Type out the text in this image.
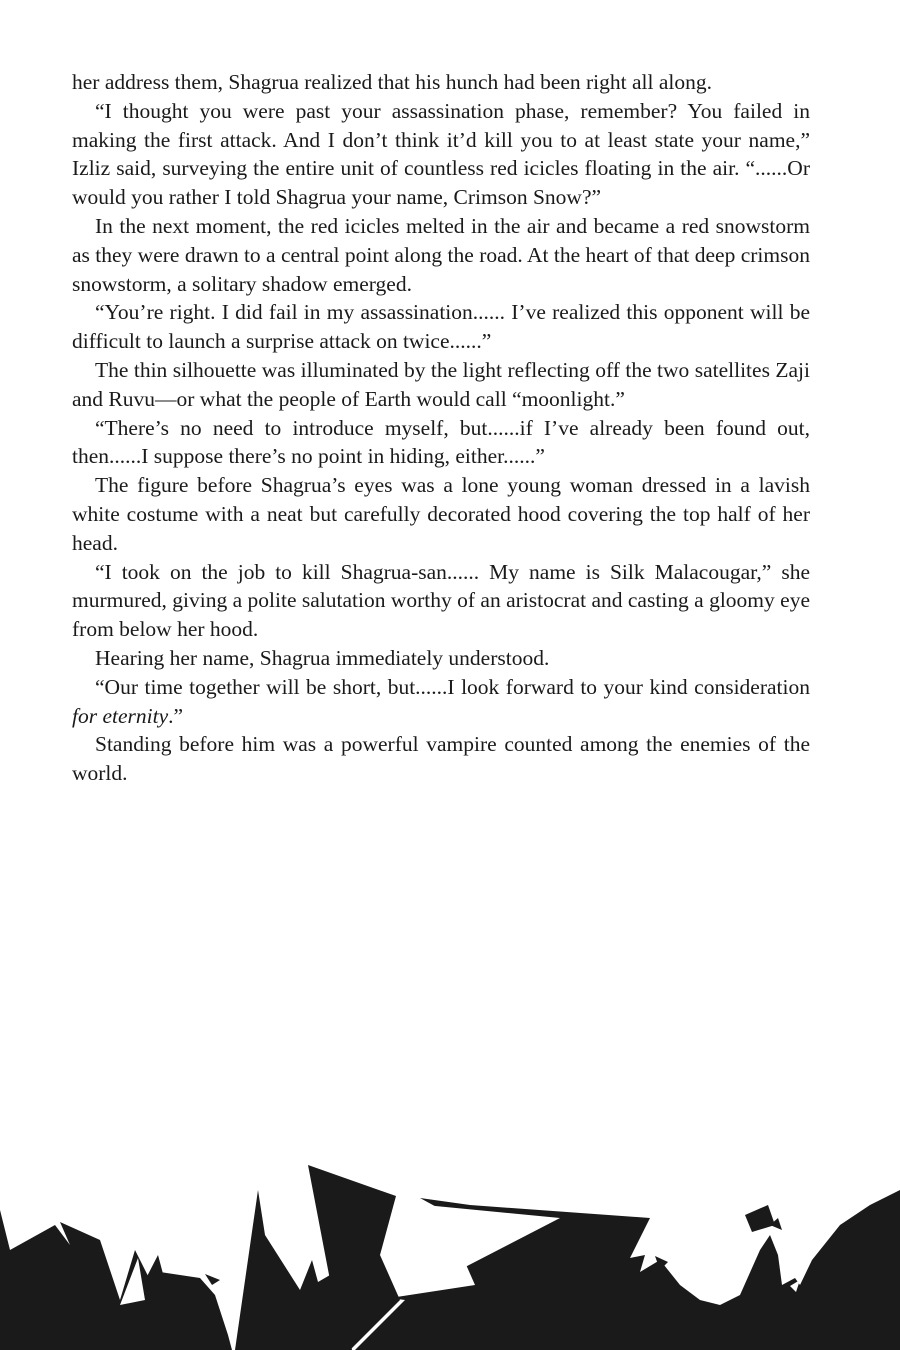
her address them, Shagrua realized that his hunch had been right all along.

“I thought you were past your assassination phase, remember? You failed in making the first attack. And I don’t think it’d kill you to at least state your name,” Izliz said, surveying the entire unit of countless red icicles floating in the air. “......Or would you rather I told Shagrua your name, Crimson Snow?”

In the next moment, the red icicles melted in the air and became a red snowstorm as they were drawn to a central point along the road. At the heart of that deep crimson snowstorm, a solitary shadow emerged.

“You’re right. I did fail in my assassination...... I’ve realized this opponent will be difficult to launch a surprise attack on twice......”

The thin silhouette was illuminated by the light reflecting off the two satellites Zaji and Ruvu—or what the people of Earth would call “moonlight.”

“There’s no need to introduce myself, but......if I’ve already been found out, then......I suppose there’s no point in hiding, either......”

The figure before Shagrua’s eyes was a lone young woman dressed in a lavish white costume with a neat but carefully decorated hood covering the top half of her head.

“I took on the job to kill Shagrua-san...... My name is Silk Malacougar,” she murmured, giving a polite salutation worthy of an aristocrat and casting a gloomy eye from below her hood.

Hearing her name, Shagrua immediately understood.

“Our time together will be short, but......I look forward to your kind consideration for eternity.”

Standing before him was a powerful vampire counted among the enemies of the world.
